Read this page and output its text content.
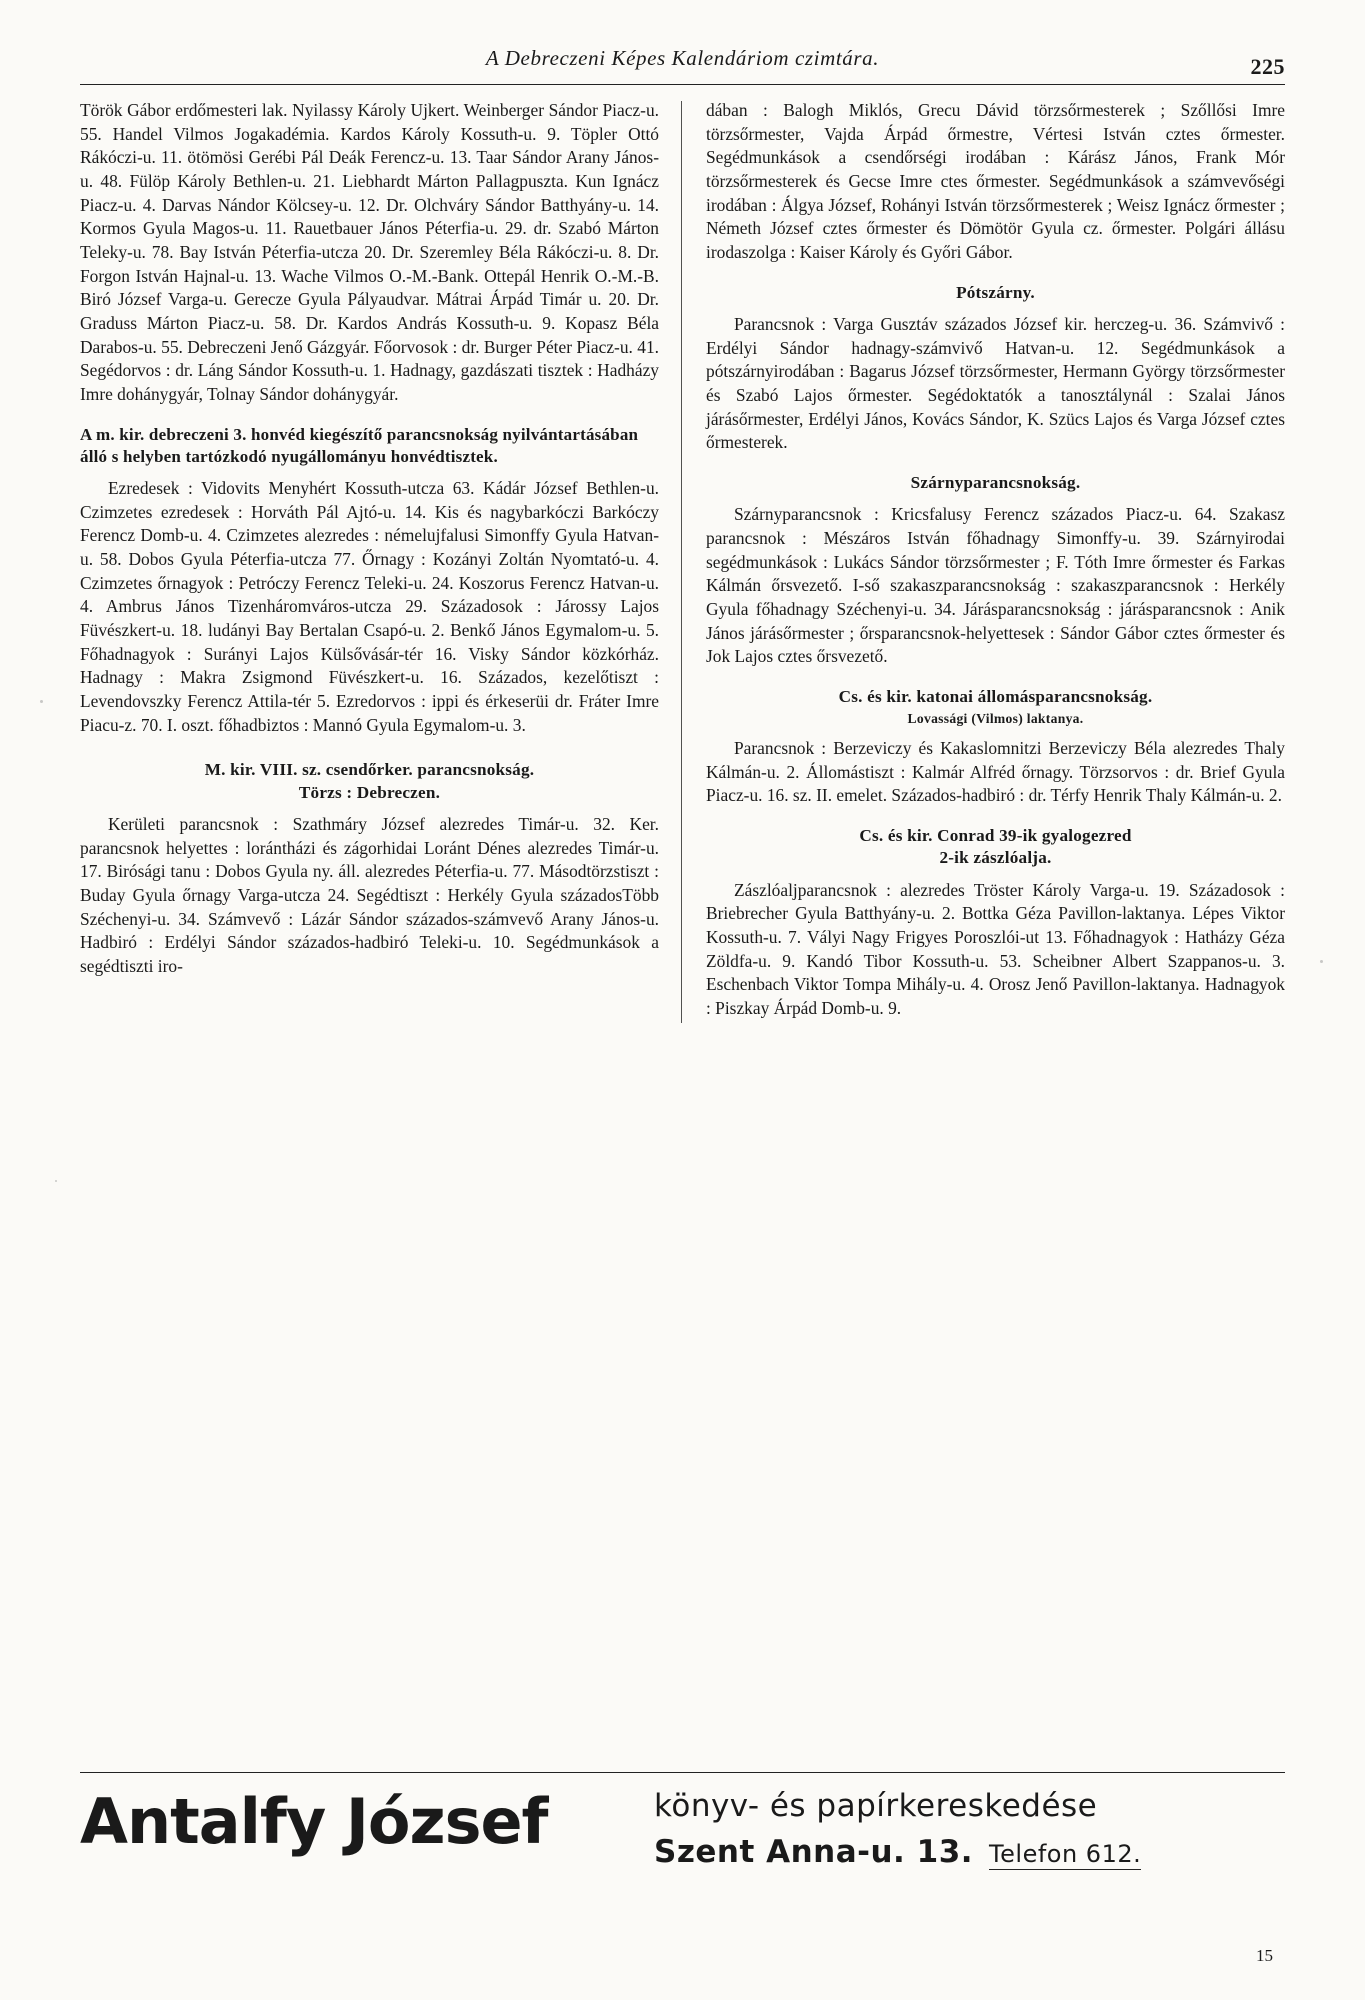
A Debreczeni Képes Kalendáriom czimtára.	225

Török Gábor erdőmesteri lak. Nyilassy Károly Ujkert. Weinberger Sándor Piacz-u. 55. Handel Vilmos Jogakadémia. Kardos Károly Kossuth-u. 9. Töpler Ottó Rákóczi-u. 11. ötömösi Gerébi Pál Deák Ferencz-u. 13. Taar Sándor Arany János-u. 48. Fülöp Károly Bethlen-u. 21. Liebhardt Márton Pallagpuszta. Kun Ignácz Piacz-u. 4. Darvas Nándor Kölcsey-u. 12. Dr. Olchváry Sándor Batthyány-u. 14. Kormos Gyula Magos-u. 11. Rauetbauer János Péterfia-u. 29. dr. Szabó Márton Teleky-u. 78. Bay István Péterfia-utcza 20. Dr. Szeremley Béla Rákóczi-u. 8. Dr. Forgon István Hajnal-u. 13. Wache Vilmos O.-M.-Bank. Ottepál Henrik O.-M.-B. Biró József Varga-u. Gerecze Gyula Pályaudvar. Mátrai Árpád Timár u. 20. Dr. Graduss Márton Piacz-u. 58. Dr. Kardos András Kossuth-u. 9. Kopasz Béla Darabos-u. 55. Debreczeni Jenő Gázgyár. Főorvosok : dr. Burger Péter Piacz-u. 41. Segédorvos : dr. Láng Sándor Kossuth-u. 1. Hadnagy, gazdászati tisztek : Hadházy Imre dohánygyár, Tolnay Sándor dohánygyár.

A m. kir. debreczeni 3. honvéd kiegészítő parancsnokság nyilvántartásában álló s helyben tartózkodó nyugállományu honvédtisztek.

Ezredesek : Vidovits Menyhért Kossuth-utcza 63. Kádár József Bethlen-u. Czimzetes ezredesek : Horváth Pál Ajtó-u. 14. Kis és nagybarkóczi Barkóczy Ferencz Domb-u. 4. Czimzetes alezredes : némelujfalusi Simonffy Gyula Hatvan-u. 58. Dobos Gyula Péterfia-utcza 77. Őrnagy : Kozányi Zoltán Nyomtató-u. 4. Czimzetes őrnagyok : Petróczy Ferencz Teleki-u. 24. Koszorus Ferencz Hatvan-u. 4. Ambrus János Tizenháromváros-utcza 29. Századosok : Járossy Lajos Füvészkert-u. 18. ludányi Bay Bertalan Csapó-u. 2. Benkő János Egymalom-u. 5. Főhadnagyok : Surányi Lajos Külsővásár-tér 16. Visky Sándor közkórház. Hadnagy : Makra Zsigmond Füvészkert-u. 16. Százados, kezelőtiszt : Levendovszky Ferencz Attila-tér 5. Ezredorvos : ippi és érkeserüi dr. Fráter Imre Piacu-z. 70. I. oszt. főhadbiztos : Mannó Gyula Egymalom-u. 3.

M. kir. VIII. sz. csendőrker. parancsnokság.
Törzs : Debreczen.

Kerületi parancsnok : Szathmáry József alezredes Timár-u. 32. Ker. parancsnok helyettes : lorántházi és zágorhidai Loránt Dénes alezredes Timár-u. 17. Birósági tanu : Dobos Gyula ny. áll. alezredes Péterfia-u. 77. Másodtörzstiszt : Buday Gyula őrnagy Varga-utcza 24. Segédtiszt : Herkély Gyula századosTöbb Széchenyi-u. 34. Számvevő : Lázár Sándor százados-számvevő Arany János-u. Hadbiró : Erdélyi Sándor százados-hadbiró Teleki-u. 10. Segédmunkások a segédtiszti iro-

dában : Balogh Miklós, Grecu Dávid törzsőrmesterek ; Szőllősi Imre törzsőrmester, Vajda Árpád őrmestre, Vértesi István cztes őrmester. Segédmunkások a csendőrségi irodában : Kárász János, Frank Mór törzsőrmesterek és Gecse Imre ctes őrmester. Segédmunkások a számvevőségi irodában : Álgya József, Rohányi István törzsőrmesterek ; Weisz Ignácz őrmester ; Németh József cztes őrmester és Dömötör Gyula cz. őrmester. Polgári állásu irodaszolga : Kaiser Károly és Győri Gábor.

Pótszárny.

Parancsnok : Varga Gusztáv százados József kir. herczeg-u. 36. Számvivő : Erdélyi Sándor hadnagy-számvivő Hatvan-u. 12. Segédmunkások a pótszárnyirodában : Bagarus József törzsőrmester, Hermann György törzsőrmester és Szabó Lajos őrmester. Segédoktatók a tanosztálynál : Szalai János járásőrmester, Erdélyi János, Kovács Sándor, K. Szücs Lajos és Varga József cztes őrmesterek.

Szárnyparancsnokság.

Szárnyparancsnok : Kricsfalusy Ferencz százados Piacz-u. 64. Szakasz parancsnok : Mészáros István főhadnagy Simonffy-u. 39. Szárnyirodai segédmunkások : Lukács Sándor törzsőrmester ; F. Tóth Imre őrmester és Farkas Kálmán őrsvezető. I-ső szakaszparancsnokság : szakaszparancsnok : Herkély Gyula főhadnagy Széchenyi-u. 34. Járásparancsnokság : járásparancsnok : Anik János járásőrmester ; őrsparancsnok-helyettesek : Sándor Gábor cztes őrmester és Jok Lajos cztes őrsvezető.

Cs. és kir. katonai állomásparancsnokság.
Lovassági (Vilmos) laktanya.

Parancsnok : Berzeviczy és Kakaslomnitzi Berzeviczy Béla alezredes Thaly Kálmán-u. 2. Állomástiszt : Kalmár Alfréd őrnagy. Törzsorvos : dr. Brief Gyula Piacz-u. 16. sz. II. emelet. Százados-hadbiró : dr. Térfy Henrik Thaly Kálmán-u. 2.

Cs. és kir. Conrad 39-ik gyalogezred
2-ik zászlóalja.

Zászlóaljparancsnok : alezredes Tröster Károly Varga-u. 19. Századosok : Briebrecher Gyula Batthyány-u. 2. Bottka Géza Pavillon-laktanya. Lépes Viktor Kossuth-u. 7. Vályi Nagy Frigyes Poroszlói-ut 13. Főhadnagyok : Hatházy Géza Zöldfa-u. 9. Kandó Tibor Kossuth-u. 53. Scheibner Albert Szappanos-u. 3. Eschenbach Viktor Tompa Mihály-u. 4. Orosz Jenő Pavillon-laktanya. Hadnagyok : Piszkay Árpád Domb-u. 9.

Antalfy József	könyv- és papírkereskedése
Szent Anna-u. 13. Telefon 612.
15
